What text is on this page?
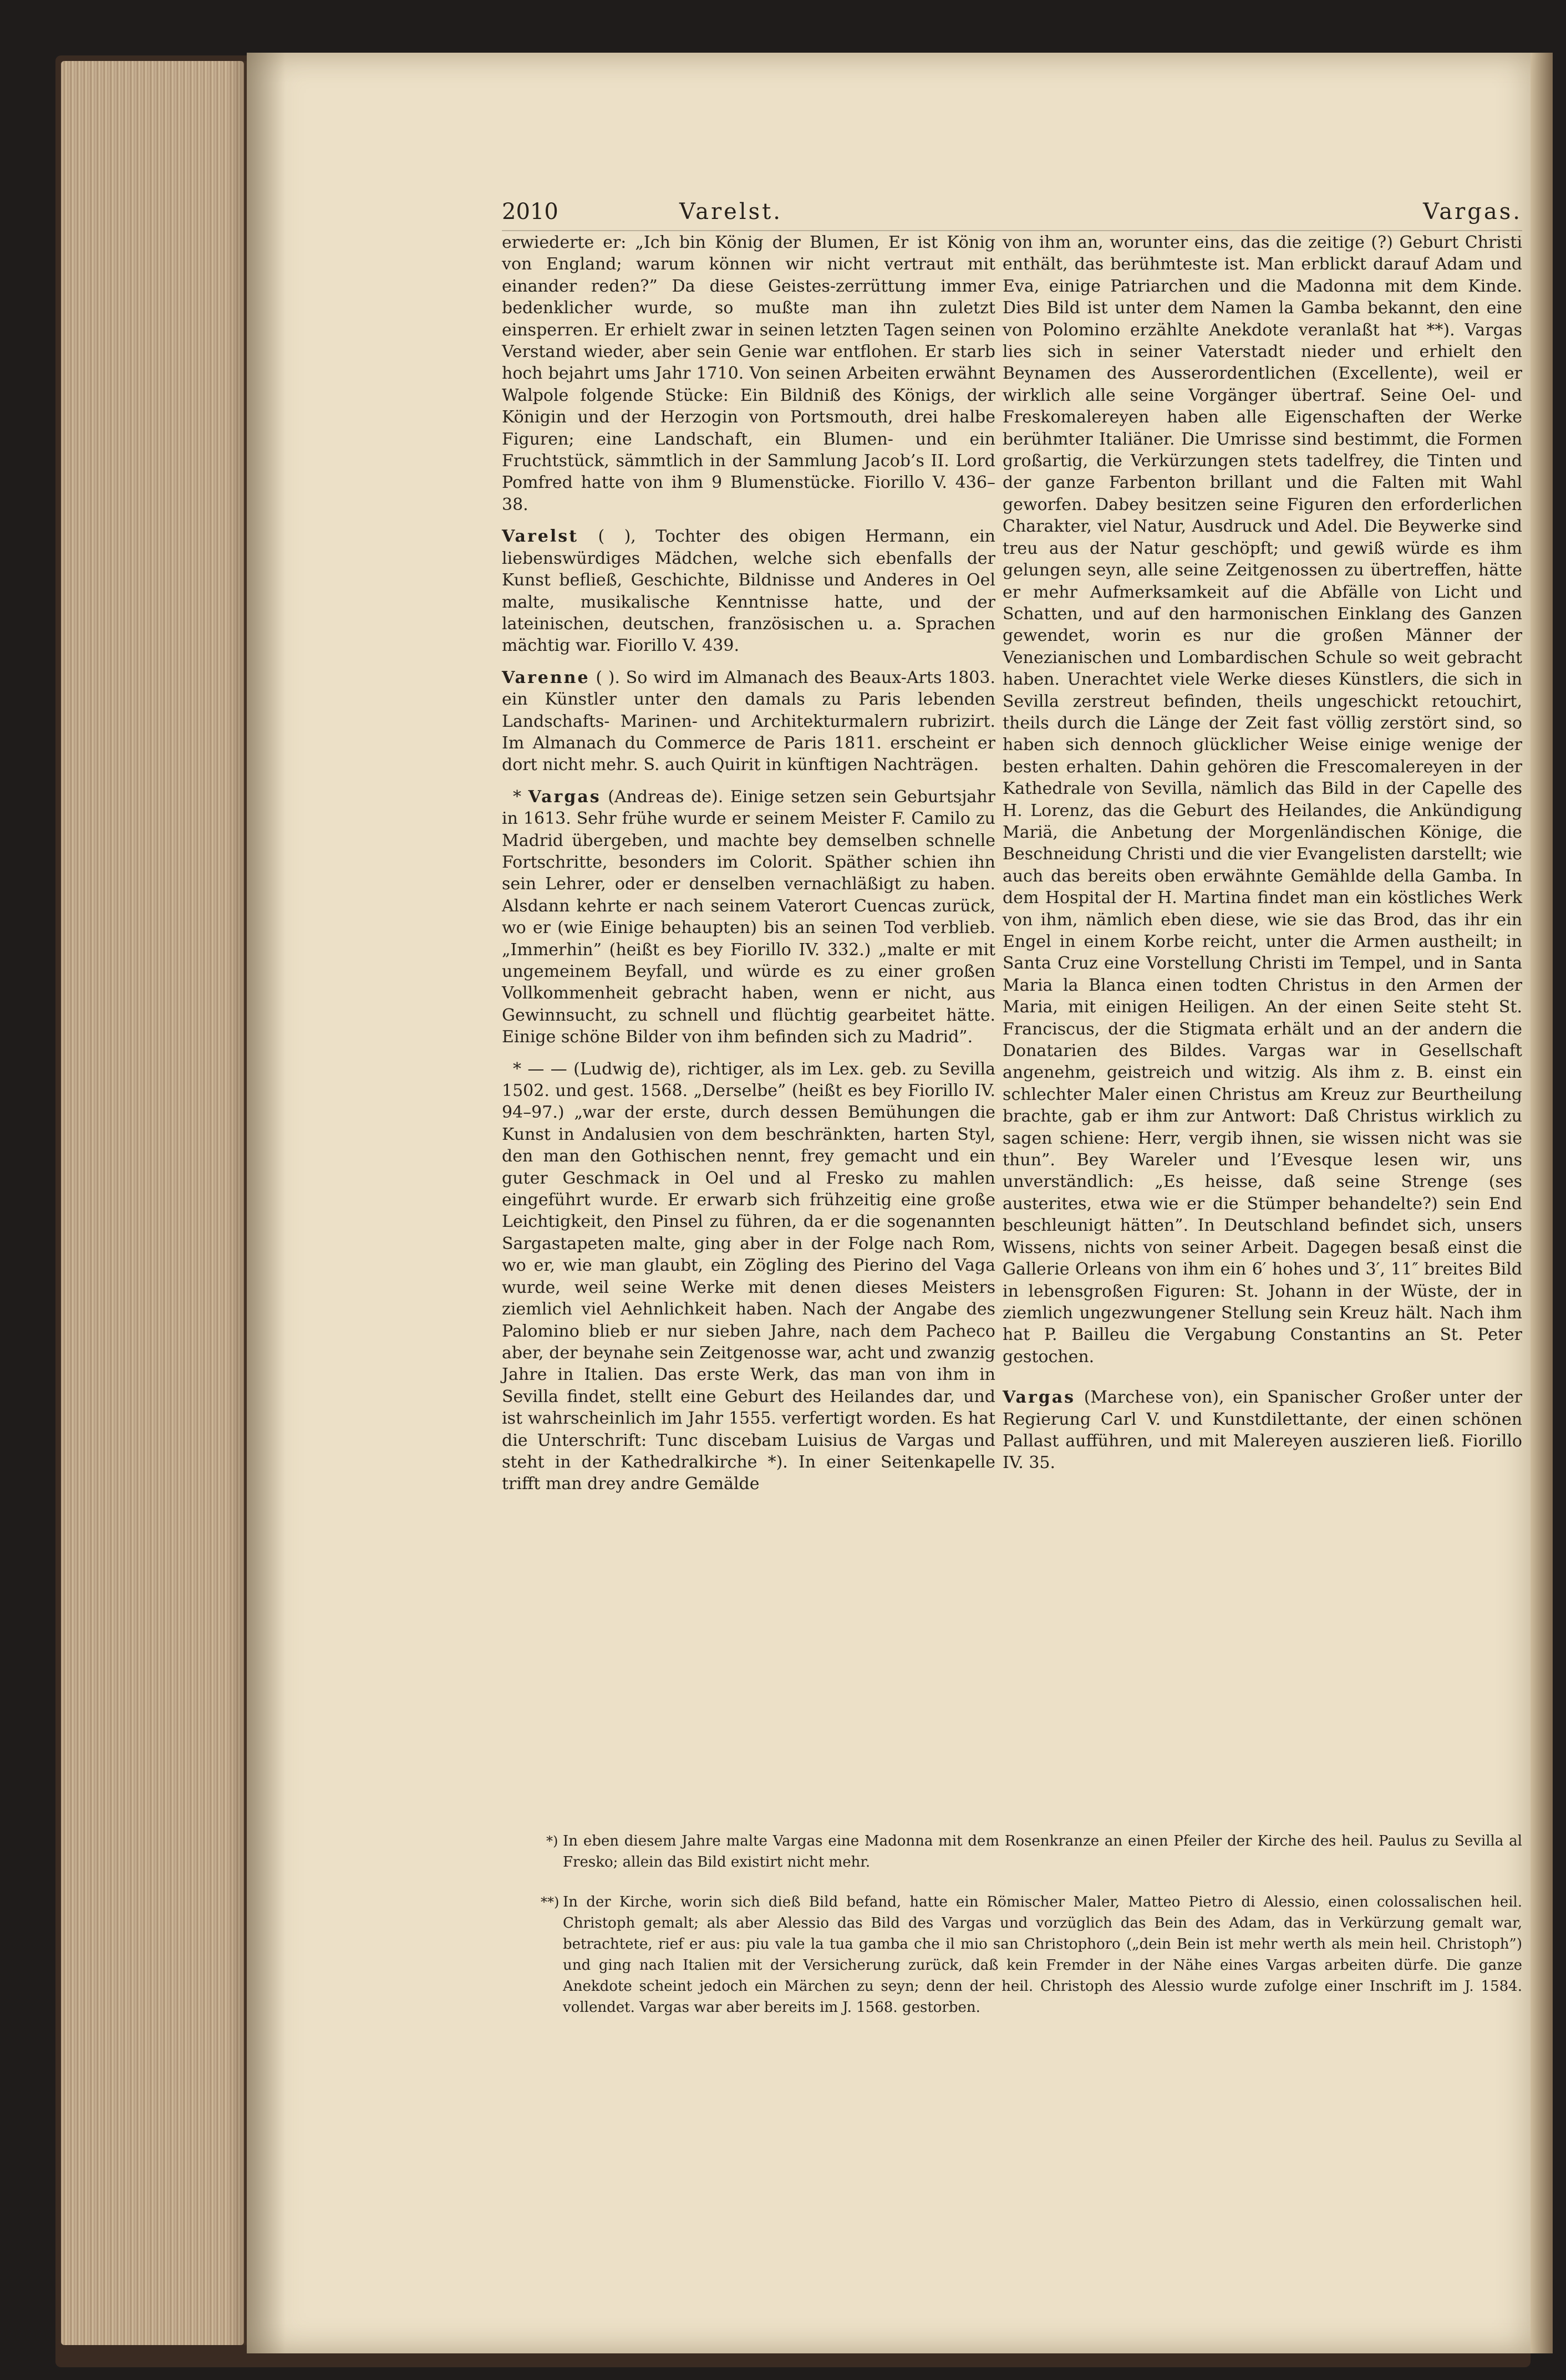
2010	Varelst.	Vargas.

erwiederte er: „Ich bin König der Blumen, Er ist König von England; warum können wir nicht vertraut mit einander reden?” Da diese Geistes-zerrüttung immer bedenklicher wurde, so mußte man ihn zuletzt einsperren. Er erhielt zwar in seinen letzten Tagen seinen Verstand wieder, aber sein Genie war entflohen. Er starb hoch bejahrt ums Jahr 1710. Von seinen Arbeiten erwähnt Walpole folgende Stücke: Ein Bildniß des Königs, der Königin und der Herzogin von Portsmouth, drei halbe Figuren; eine Landschaft, ein Blumen- und ein Fruchtstück, sämmtlich in der Sammlung Jacob’s II. Lord Pomfred hatte von ihm 9 Blumenstücke. Fiorillo V. 436–38.

Varelst ( ), Tochter des obigen Hermann, ein liebenswürdiges Mädchen, welche sich ebenfalls der Kunst befließ, Geschichte, Bildnisse und Anderes in Oel malte, musikalische Kenntnisse hatte, und der lateinischen, deutschen, französischen u. a. Sprachen mächtig war. Fiorillo V. 439.

Varenne ( ). So wird im Almanach des Beaux-Arts 1803. ein Künstler unter den damals zu Paris lebenden Landschafts- Marinen- und Architekturmalern rubrizirt. Im Almanach du Commerce de Paris 1811. erscheint er dort nicht mehr. S. auch Quirit in künftigen Nachträgen.

* Vargas (Andreas de). Einige setzen sein Geburtsjahr in 1613. Sehr frühe wurde er seinem Meister F. Camilo zu Madrid übergeben, und machte bey demselben schnelle Fortschritte, besonders im Colorit. Späther schien ihn sein Lehrer, oder er denselben vernachläßigt zu haben. Alsdann kehrte er nach seinem Vaterort Cuencas zurück, wo er (wie Einige behaupten) bis an seinen Tod verblieb. „Immerhin” (heißt es bey Fiorillo IV. 332.) „malte er mit ungemeinem Beyfall, und würde es zu einer großen Vollkommenheit gebracht haben, wenn er nicht, aus Gewinnsucht, zu schnell und flüchtig gearbeitet hätte. Einige schöne Bilder von ihm befinden sich zu Madrid”.

* — — (Ludwig de), richtiger, als im Lex. geb. zu Sevilla 1502. und gest. 1568. „Derselbe” (heißt es bey Fiorillo IV. 94–97.) „war der erste, durch dessen Bemühungen die Kunst in Andalusien von dem beschränkten, harten Styl, den man den Gothischen nennt, frey gemacht und ein guter Geschmack in Oel und al Fresko zu mahlen eingeführt wurde. Er erwarb sich frühzeitig eine große Leichtigkeit, den Pinsel zu führen, da er die sogenannten Sargastapeten malte, ging aber in der Folge nach Rom, wo er, wie man glaubt, ein Zögling des Pierino del Vaga wurde, weil seine Werke mit denen dieses Meisters ziemlich viel Aehnlichkeit haben. Nach der Angabe des Palomino blieb er nur sieben Jahre, nach dem Pacheco aber, der beynahe sein Zeitgenosse war, acht und zwanzig Jahre in Italien. Das erste Werk, das man von ihm in Sevilla findet, stellt eine Geburt des Heilandes dar, und ist wahrscheinlich im Jahr 1555. verfertigt worden. Es hat die Unterschrift: Tunc discebam Luisius de Vargas und steht in der Kathedralkirche *). In einer Seitenkapelle trifft man drey andre Gemälde

von ihm an, worunter eins, das die zeitige (?) Geburt Christi enthält, das berühmteste ist. Man erblickt darauf Adam und Eva, einige Patriarchen und die Madonna mit dem Kinde. Dies Bild ist unter dem Namen la Gamba bekannt, den eine von Polomino erzählte Anekdote veranlaßt hat **). Vargas lies sich in seiner Vaterstadt nieder und erhielt den Beynamen des Ausserordentlichen (Excellente), weil er wirklich alle seine Vorgänger übertraf. Seine Oel- und Freskomalereyen haben alle Eigenschaften der Werke berühmter Italiäner. Die Umrisse sind bestimmt, die Formen großartig, die Verkürzungen stets tadelfrey, die Tinten und der ganze Farbenton brillant und die Falten mit Wahl geworfen. Dabey besitzen seine Figuren den erforderlichen Charakter, viel Natur, Ausdruck und Adel. Die Beywerke sind treu aus der Natur geschöpft; und gewiß würde es ihm gelungen seyn, alle seine Zeitgenossen zu übertreffen, hätte er mehr Aufmerksamkeit auf die Abfälle von Licht und Schatten, und auf den harmonischen Einklang des Ganzen gewendet, worin es nur die großen Männer der Venezianischen und Lombardischen Schule so weit gebracht haben. Unerachtet viele Werke dieses Künstlers, die sich in Sevilla zerstreut befinden, theils ungeschickt retouchirt, theils durch die Länge der Zeit fast völlig zerstört sind, so haben sich dennoch glücklicher Weise einige wenige der besten erhalten. Dahin gehören die Frescomalereyen in der Kathedrale von Sevilla, nämlich das Bild in der Capelle des H. Lorenz, das die Geburt des Heilandes, die Ankündigung Mariä, die Anbetung der Morgenländischen Könige, die Beschneidung Christi und die vier Evangelisten darstellt; wie auch das bereits oben erwähnte Gemählde della Gamba. In dem Hospital der H. Martina findet man ein köstliches Werk von ihm, nämlich eben diese, wie sie das Brod, das ihr ein Engel in einem Korbe reicht, unter die Armen austheilt; in Santa Cruz eine Vorstellung Christi im Tempel, und in Santa Maria la Blanca einen todten Christus in den Armen der Maria, mit einigen Heiligen. An der einen Seite steht St. Franciscus, der die Stigmata erhält und an der andern die Donatarien des Bildes. Vargas war in Gesellschaft angenehm, geistreich und witzig. Als ihm z. B. einst ein schlechter Maler einen Christus am Kreuz zur Beurtheilung brachte, gab er ihm zur Antwort: Daß Christus wirklich zu sagen schiene: Herr, vergib ihnen, sie wissen nicht was sie thun”. Bey Wareler und l’Evesque lesen wir, uns unverständlich: „Es heisse, daß seine Strenge (ses austerites, etwa wie er die Stümper behandelte?) sein End beschleunigt hätten”. In Deutschland befindet sich, unsers Wissens, nichts von seiner Arbeit. Dagegen besaß einst die Gallerie Orleans von ihm ein 6′ hohes und 3′, 11″ breites Bild in lebensgroßen Figuren: St. Johann in der Wüste, der in ziemlich ungezwungener Stellung sein Kreuz hält. Nach ihm hat P. Bailleu die Vergabung Constantins an St. Peter gestochen.

Vargas (Marchese von), ein Spanischer Großer unter der Regierung Carl V. und Kunstdilettante, der einen schönen Pallast aufführen, und mit Malereyen auszieren ließ. Fiorillo IV. 35.

*) In eben diesem Jahre malte Vargas eine Madonna mit dem Rosenkranze an einen Pfeiler der Kirche des heil. Paulus zu Sevilla al Fresko; allein das Bild existirt nicht mehr.
**) In der Kirche, worin sich dieß Bild befand, hatte ein Römischer Maler, Matteo Pietro di Alessio, einen colossalischen heil. Christoph gemalt; als aber Alessio das Bild des Vargas und vorzüglich das Bein des Adam, das in Verkürzung gemalt war, betrachtete, rief er aus: piu vale la tua gamba che il mio san Christophoro („dein Bein ist mehr werth als mein heil. Christoph”) und ging nach Italien mit der Versicherung zurück, daß kein Fremder in der Nähe eines Vargas arbeiten dürfe. Die ganze Anekdote scheint jedoch ein Märchen zu seyn; denn der heil. Christoph des Alessio wurde zufolge einer Inschrift im J. 1584. vollendet. Vargas war aber bereits im J. 1568. gestorben.
